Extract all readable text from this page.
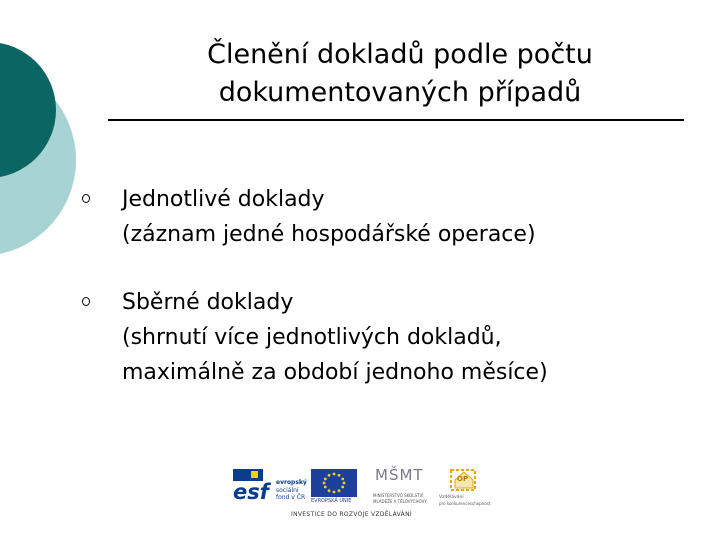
Členění dokladů podle počtu
dokumentovaných případů
Jednotlivé doklady
(záznam jedné hospodářské operace)
Sběrné doklady
(shrnutí více jednotlivých dokladů,
maximálně za období jednoho měsíce)
esf evropský
sociální
fond v ČR EVROPSKÁ UNIE
MŠMT
MINISTERSTVO ŠKOLSTVÍ,
MLÁDEŽE A TĚLOVÝCHOVY
OP
Vzdělávání
pro konkurenceschopnost
INVESTICE DO ROZVOJE VZDĚLÁVÁNÍ
